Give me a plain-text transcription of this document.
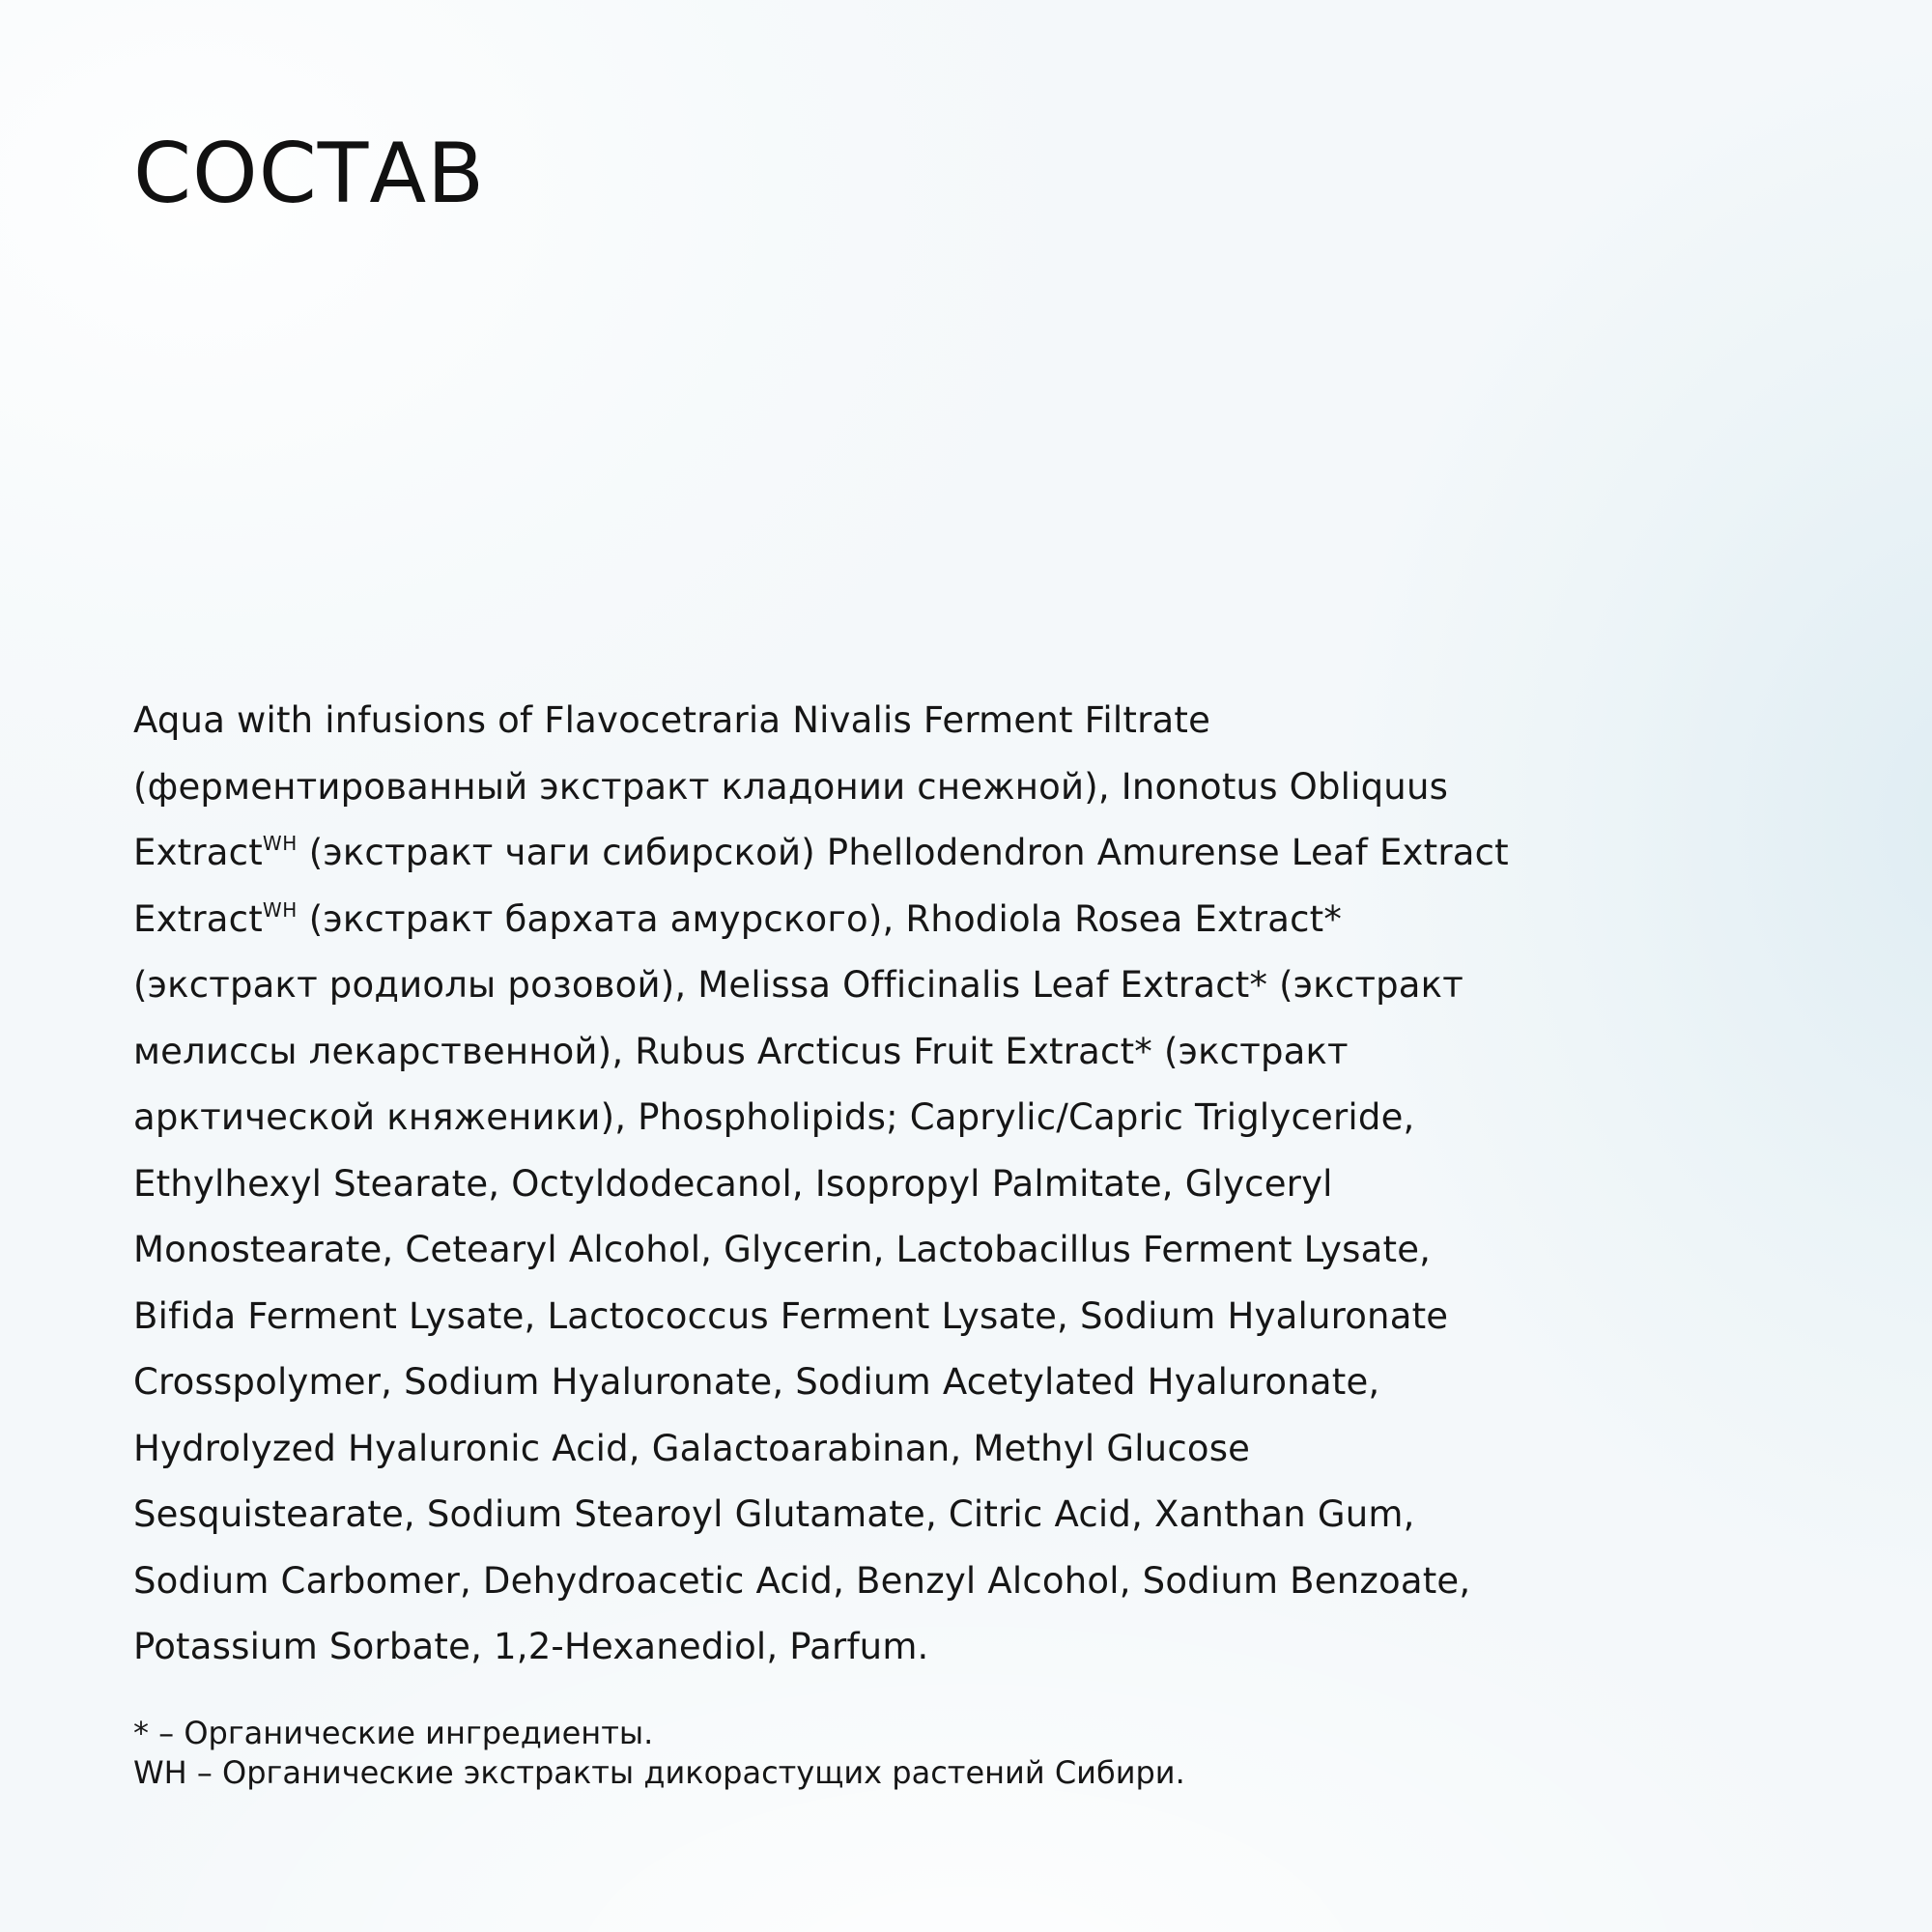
СОСТАВ
Aqua with infusions of Flavocetraria Nivalis Ferment Filtrate
(ферментированный экстракт кладонии снежной), Inonotus Obliquus
Extract$^{WH}$ (экстракт чаги сибирской) Phellodendron Amurense Leaf Extract
Extract$^{WH}$ (экстракт бархата амурского), Rhodiola Rosea Extract*
(экстракт родиолы розовой), Melissa Officinalis Leaf Extract* (экстракт
мелиссы лекарственной), Rubus Arcticus Fruit Extract* (экстракт
арктической княженики), Phospholipids; Caprylic/Capric Triglyceride,
Ethylhexyl Stearate, Octyldodecanol, Isopropyl Palmitate, Glyceryl
Monostearate, Cetearyl Alcohol, Glycerin, Lactobacillus Ferment Lysate,
Bifida Ferment Lysate, Lactococcus Ferment Lysate, Sodium Hyaluronate
Crosspolymer, Sodium Hyaluronate, Sodium Acetylated Hyaluronate,
Hydrolyzed Hyaluronic Acid, Galactoarabinan, Methyl Glucose
Sesquistearate, Sodium Stearoyl Glutamate, Citric Acid, Xanthan Gum,
Sodium Carbomer, Dehydroacetic Acid, Benzyl Alcohol, Sodium Benzoate,
Potassium Sorbate, 1,2-Hexanediol, Parfum.
* – Органические ингредиенты.
WH – Органические экстракты дикорастущих растений Сибири.
